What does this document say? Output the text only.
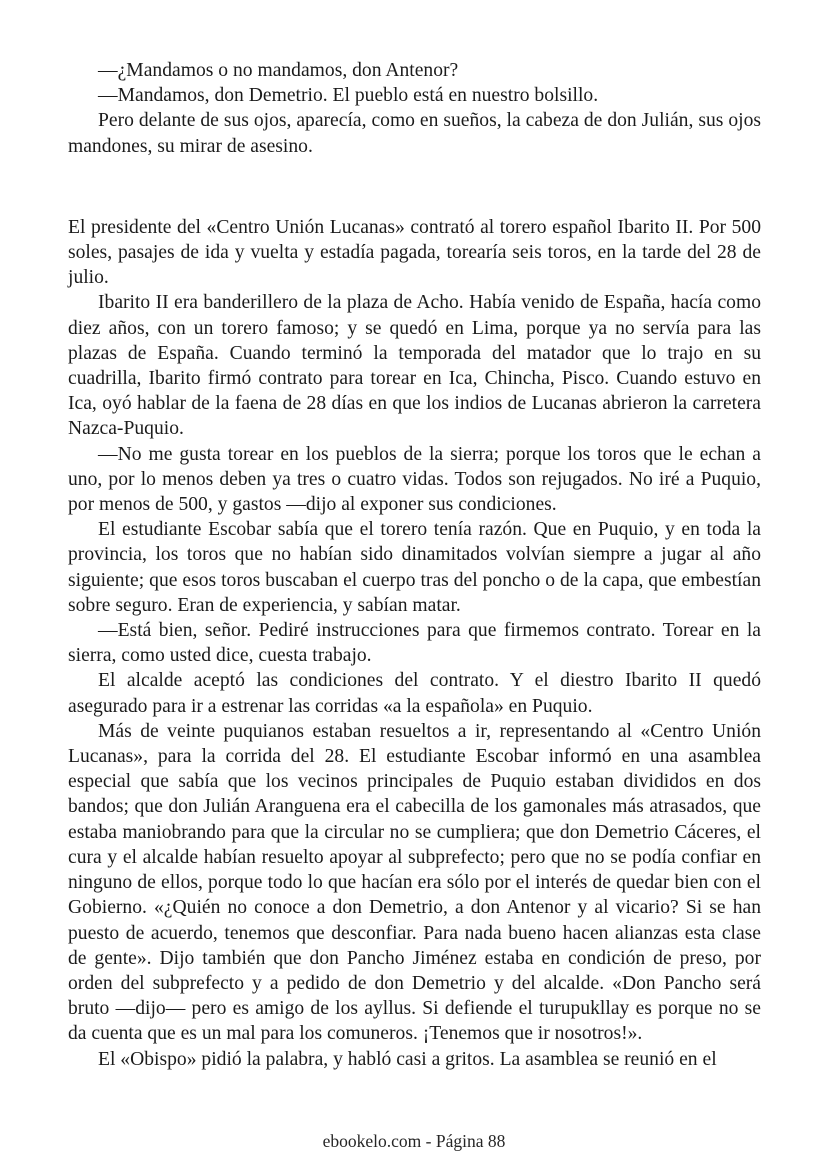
—¿Mandamos o no mandamos, don Antenor?

—Mandamos, don Demetrio. El pueblo está en nuestro bolsillo.

Pero delante de sus ojos, aparecía, como en sueños, la cabeza de don Julián, sus ojos mandones, su mirar de asesino.

El presidente del «Centro Unión Lucanas» contrató al torero español Ibarito II. Por 500 soles, pasajes de ida y vuelta y estadía pagada, torearía seis toros, en la tarde del 28 de julio.

Ibarito II era banderillero de la plaza de Acho. Había venido de España, hacía como diez años, con un torero famoso; y se quedó en Lima, porque ya no servía para las plazas de España. Cuando terminó la temporada del matador que lo trajo en su cuadrilla, Ibarito firmó contrato para torear en Ica, Chincha, Pisco. Cuando estuvo en Ica, oyó hablar de la faena de 28 días en que los indios de Lucanas abrieron la carretera Nazca-Puquio.

—No me gusta torear en los pueblos de la sierra; porque los toros que le echan a uno, por lo menos deben ya tres o cuatro vidas. Todos son rejugados. No iré a Puquio, por menos de 500, y gastos —dijo al exponer sus condiciones.

El estudiante Escobar sabía que el torero tenía razón. Que en Puquio, y en toda la provincia, los toros que no habían sido dinamitados volvían siempre a jugar al año siguiente; que esos toros buscaban el cuerpo tras del poncho o de la capa, que embestían sobre seguro. Eran de experiencia, y sabían matar.

—Está bien, señor. Pediré instrucciones para que firmemos contrato. Torear en la sierra, como usted dice, cuesta trabajo.

El alcalde aceptó las condiciones del contrato. Y el diestro Ibarito II quedó asegurado para ir a estrenar las corridas «a la española» en Puquio.

Más de veinte puquianos estaban resueltos a ir, representando al «Centro Unión Lucanas», para la corrida del 28. El estudiante Escobar informó en una asamblea especial que sabía que los vecinos principales de Puquio estaban divididos en dos bandos; que don Julián Aranguena era el cabecilla de los gamonales más atrasados, que estaba maniobrando para que la circular no se cumpliera; que don Demetrio Cáceres, el cura y el alcalde habían resuelto apoyar al subprefecto; pero que no se podía confiar en ninguno de ellos, porque todo lo que hacían era sólo por el interés de quedar bien con el Gobierno. «¿Quién no conoce a don Demetrio, a don Antenor y al vicario? Si se han puesto de acuerdo, tenemos que desconfiar. Para nada bueno hacen alianzas esta clase de gente». Dijo también que don Pancho Jiménez estaba en condición de preso, por orden del subprefecto y a pedido de don Demetrio y del alcalde. «Don Pancho será bruto —dijo— pero es amigo de los ayllus. Si defiende el turupukllay es porque no se da cuenta que es un mal para los comuneros. ¡Tenemos que ir nosotros!».

El «Obispo» pidió la palabra, y habló casi a gritos. La asamblea se reunió en el

ebookelo.com - Página 88
